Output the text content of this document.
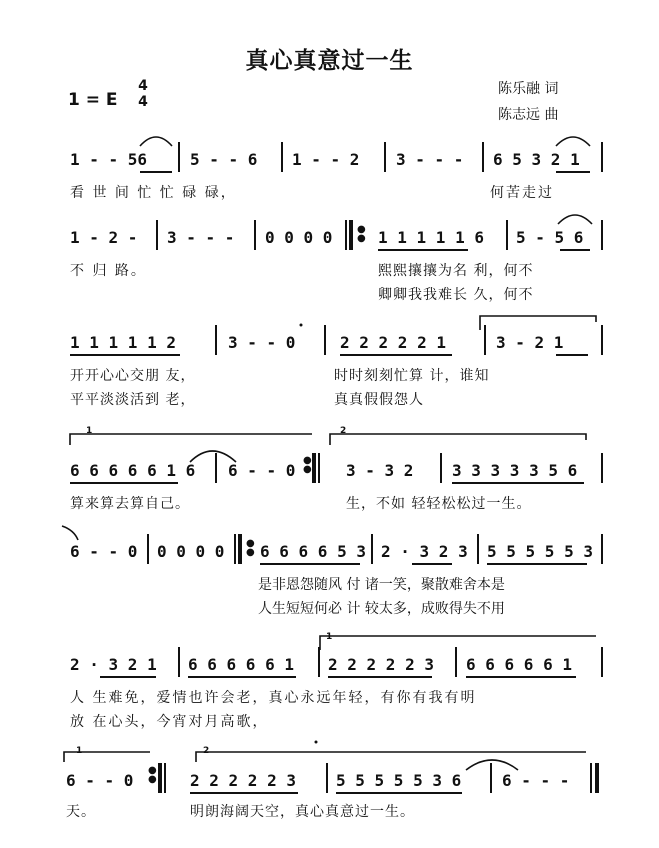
真心真意过一生
1 = E
4
4
陈乐融 词
陈志远 曲
1 - - 56	5 - - 6 1 - - 2 3 - - - 6 5 3 2 1
看 世 间 忙 忙 碌 碌，	何苦走过
1 - 2 - 3 - - - 0 0 0 0 ●
● 1 1 1 1 1 6 5 - 5 6
不 归 路。	熙熙攘攘为名 利，何不
卿卿我我难长 久，何不
1 1 1 1 1 2	3 - - 0	2 2 2 2 2 1	3 - 2 1
开开心心交朋 友，	时时刻刻忙算 计，谁知
平平淡淡活到 老，	真真假假怨人
1	2
6 6 6 6 6 1 6 6 - - 0
●
● 3 - 3 2 3 3 3 3 3 5 6
算来算去算自己。	生，不如 轻轻松松过一生。
6 - - 0 0 0 0 0 ●
● 6 6 6 6 5 3 2 · 3 2 3 5 5 5 5 5 3
是非恩怨随风 付 诸一笑，聚散难舍本是
人生短短何必 计 较太多，成败得失不用
1
2 · 3 2 1 6 6 6 6 6 1 2 2 2 2 2 3 6 6 6 6 6 1
人 生难免，爱情也许会老，真心永远年轻，有你有我有明
放 在心头，今宵对月高歌，
1	2
6 - - 0
●
● 2 2 2 2 2 3	5 5 5 5 5 3 6	6 - - -
天。	明朗海阔天空，真心真意过一生。
